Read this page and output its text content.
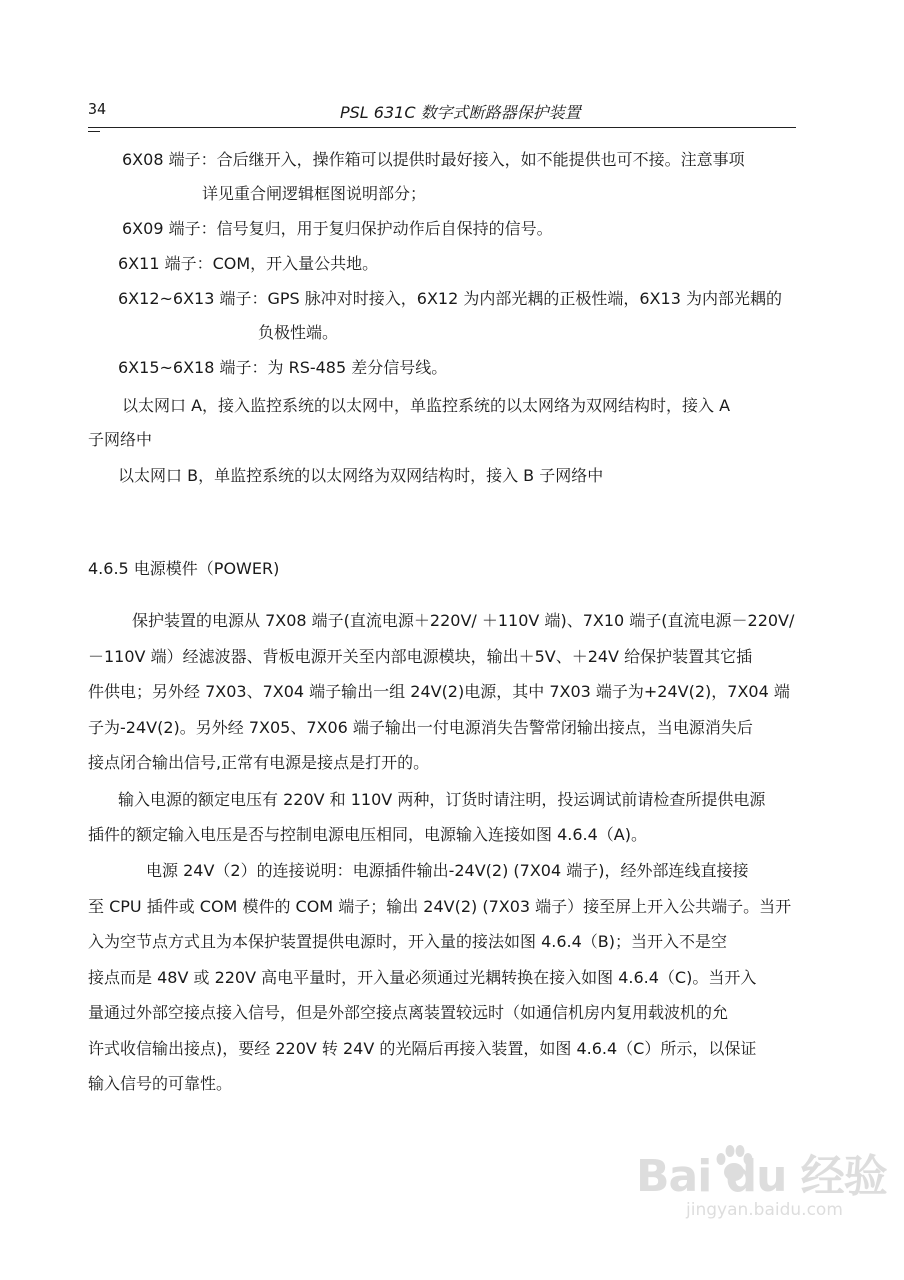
34	PSL 631C 数字式断路器保护装置
6X08 端子：合后继开入，操作箱可以提供时最好接入，如不能提供也可不接。注意事项
详见重合闸逻辑框图说明部分；
6X09 端子：信号复归，用于复归保护动作后自保持的信号。
6X11 端子：COM，开入量公共地。
6X12~6X13 端子：GPS 脉冲对时接入，6X12 为内部光耦的正极性端，6X13 为内部光耦的
负极性端。
6X15~6X18 端子：为 RS-485 差分信号线。
以太网口 A，接入监控系统的以太网中，单监控系统的以太网络为双网结构时，接入 A
子网络中
以太网口 B，单监控系统的以太网络为双网结构时，接入 B 子网络中
4.6.5 电源模件（POWER)
保护装置的电源从 7X08 端子(直流电源＋220V/ ＋110V 端)、7X10 端子(直流电源－220V/
－110V 端）经滤波器、背板电源开关至内部电源模块，输出＋5V、＋24V 给保护装置其它插
件供电；另外经 7X03、7X04 端子输出一组 24V(2)电源，其中 7X03 端子为+24V(2)，7X04 端
子为-24V(2)。另外经 7X05、7X06 端子输出一付电源消失告警常闭输出接点，当电源消失后
接点闭合输出信号,正常有电源是接点是打开的。
输入电源的额定电压有 220V 和 110V 两种，订货时请注明，投运调试前请检查所提供电源
插件的额定输入电压是否与控制电源电压相同，电源输入连接如图 4.6.4（A)。
电源 24V（2）的连接说明：电源插件输出-24V(2) (7X04 端子)，经外部连线直接接
至 CPU 插件或 COM 模件的 COM 端子；输出 24V(2) (7X03 端子）接至屏上开入公共端子。当开
入为空节点方式且为本保护装置提供电源时，开入量的接法如图 4.6.4（B)；当开入不是空
接点而是 48V 或 220V 高电平量时，开入量必须通过光耦转换在接入如图 4.6.4（C)。当开入
量通过外部空接点接入信号，但是外部空接点离装置较远时（如通信机房内复用载波机的允
许式收信输出接点)，要经 220V 转 24V 的光隔后再接入装置，如图 4.6.4（C）所示，以保证
输入信号的可靠性。
Bai du 经验
jingyan.baidu.com
